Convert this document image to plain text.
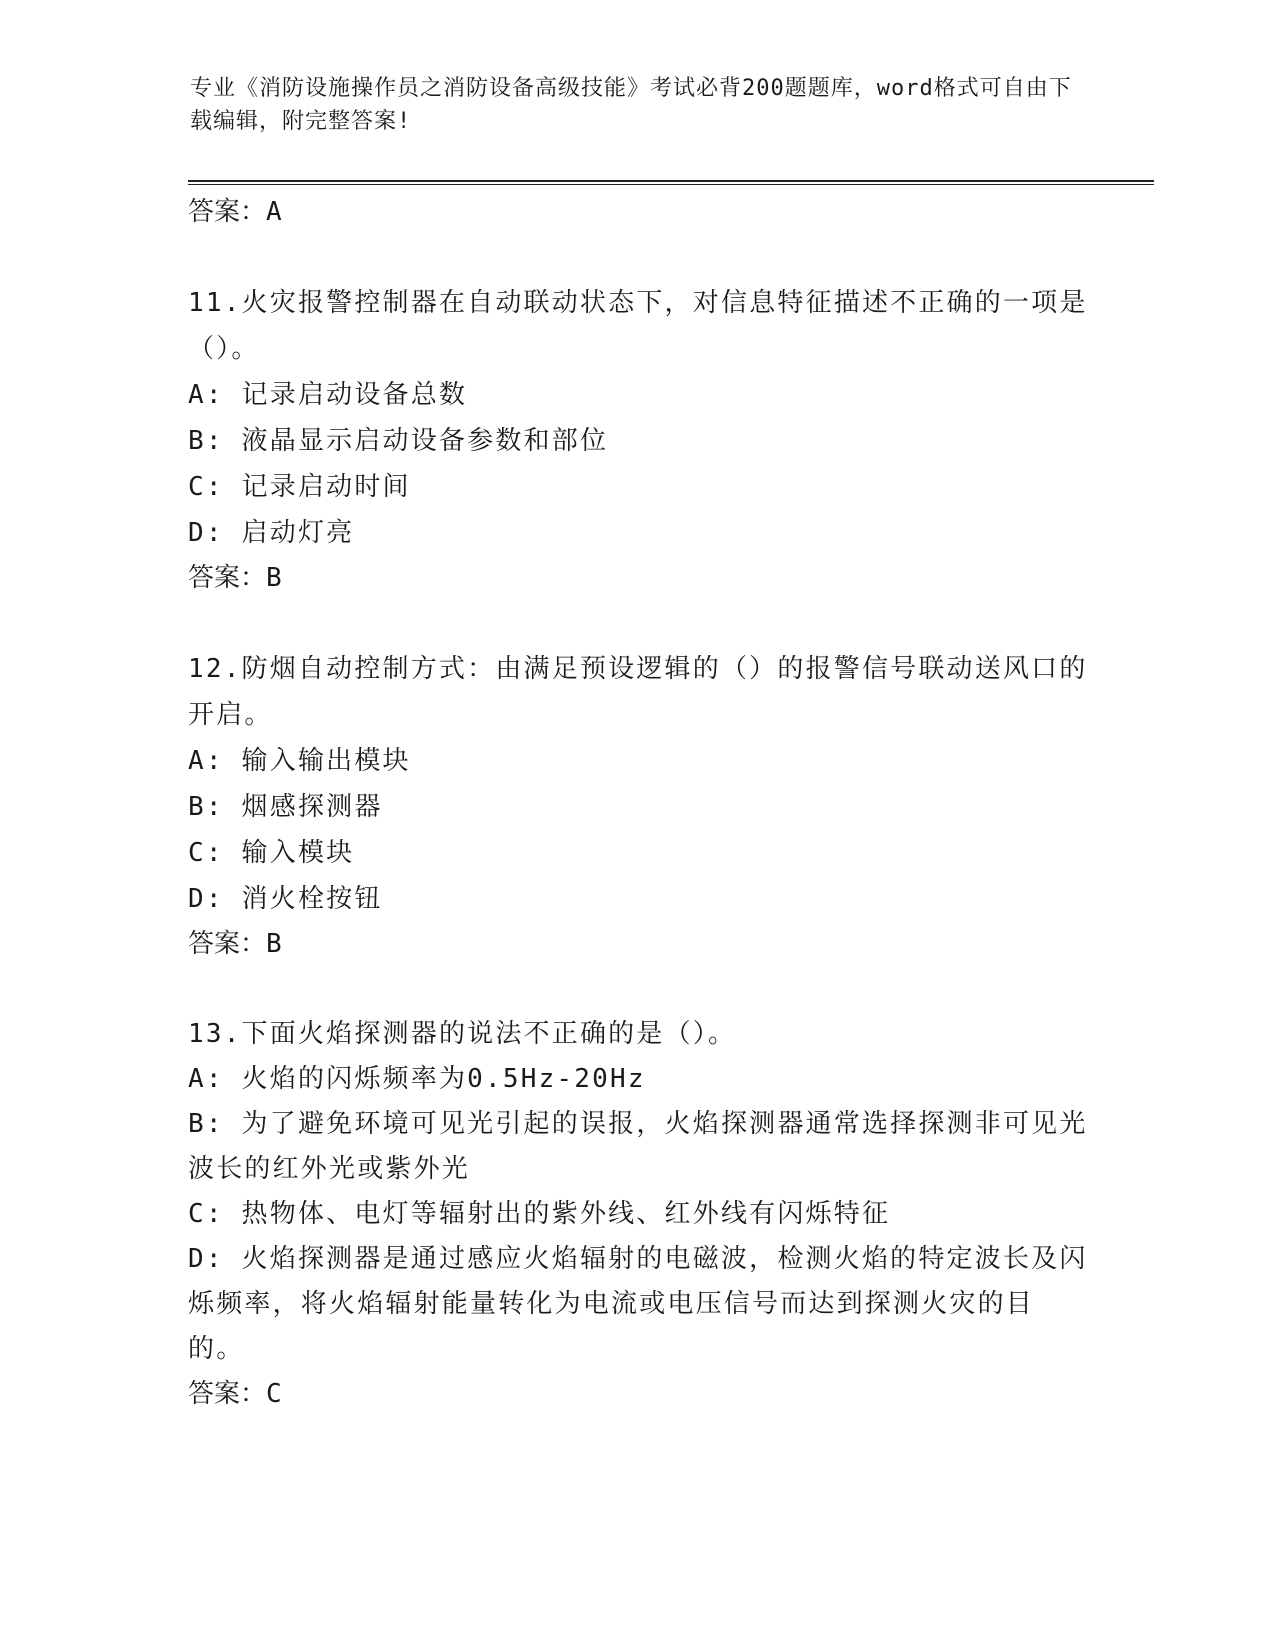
专业《消防设施操作员之消防设备高级技能》考试必背200题题库，word格式可自由下载编辑，附完整答案!
答案：A
11.火灾报警控制器在自动联动状态下，对信息特征描述不正确的一项是（）。
A: 记录启动设备总数
B: 液晶显示启动设备参数和部位
C: 记录启动时间
D: 启动灯亮
答案：B
12.防烟自动控制方式：由满足预设逻辑的（）的报警信号联动送风口的开启。
A: 输入输出模块
B: 烟感探测器
C: 输入模块
D: 消火栓按钮
答案：B
13.下面火焰探测器的说法不正确的是（）。
A: 火焰的闪烁频率为0.5Hz-20Hz
B: 为了避免环境可见光引起的误报，火焰探测器通常选择探测非可见光波长的红外光或紫外光
C: 热物体、电灯等辐射出的紫外线、红外线有闪烁特征
D: 火焰探测器是通过感应火焰辐射的电磁波，检测火焰的特定波长及闪烁频率，将火焰辐射能量转化为电流或电压信号而达到探测火灾的目的。
答案：C
